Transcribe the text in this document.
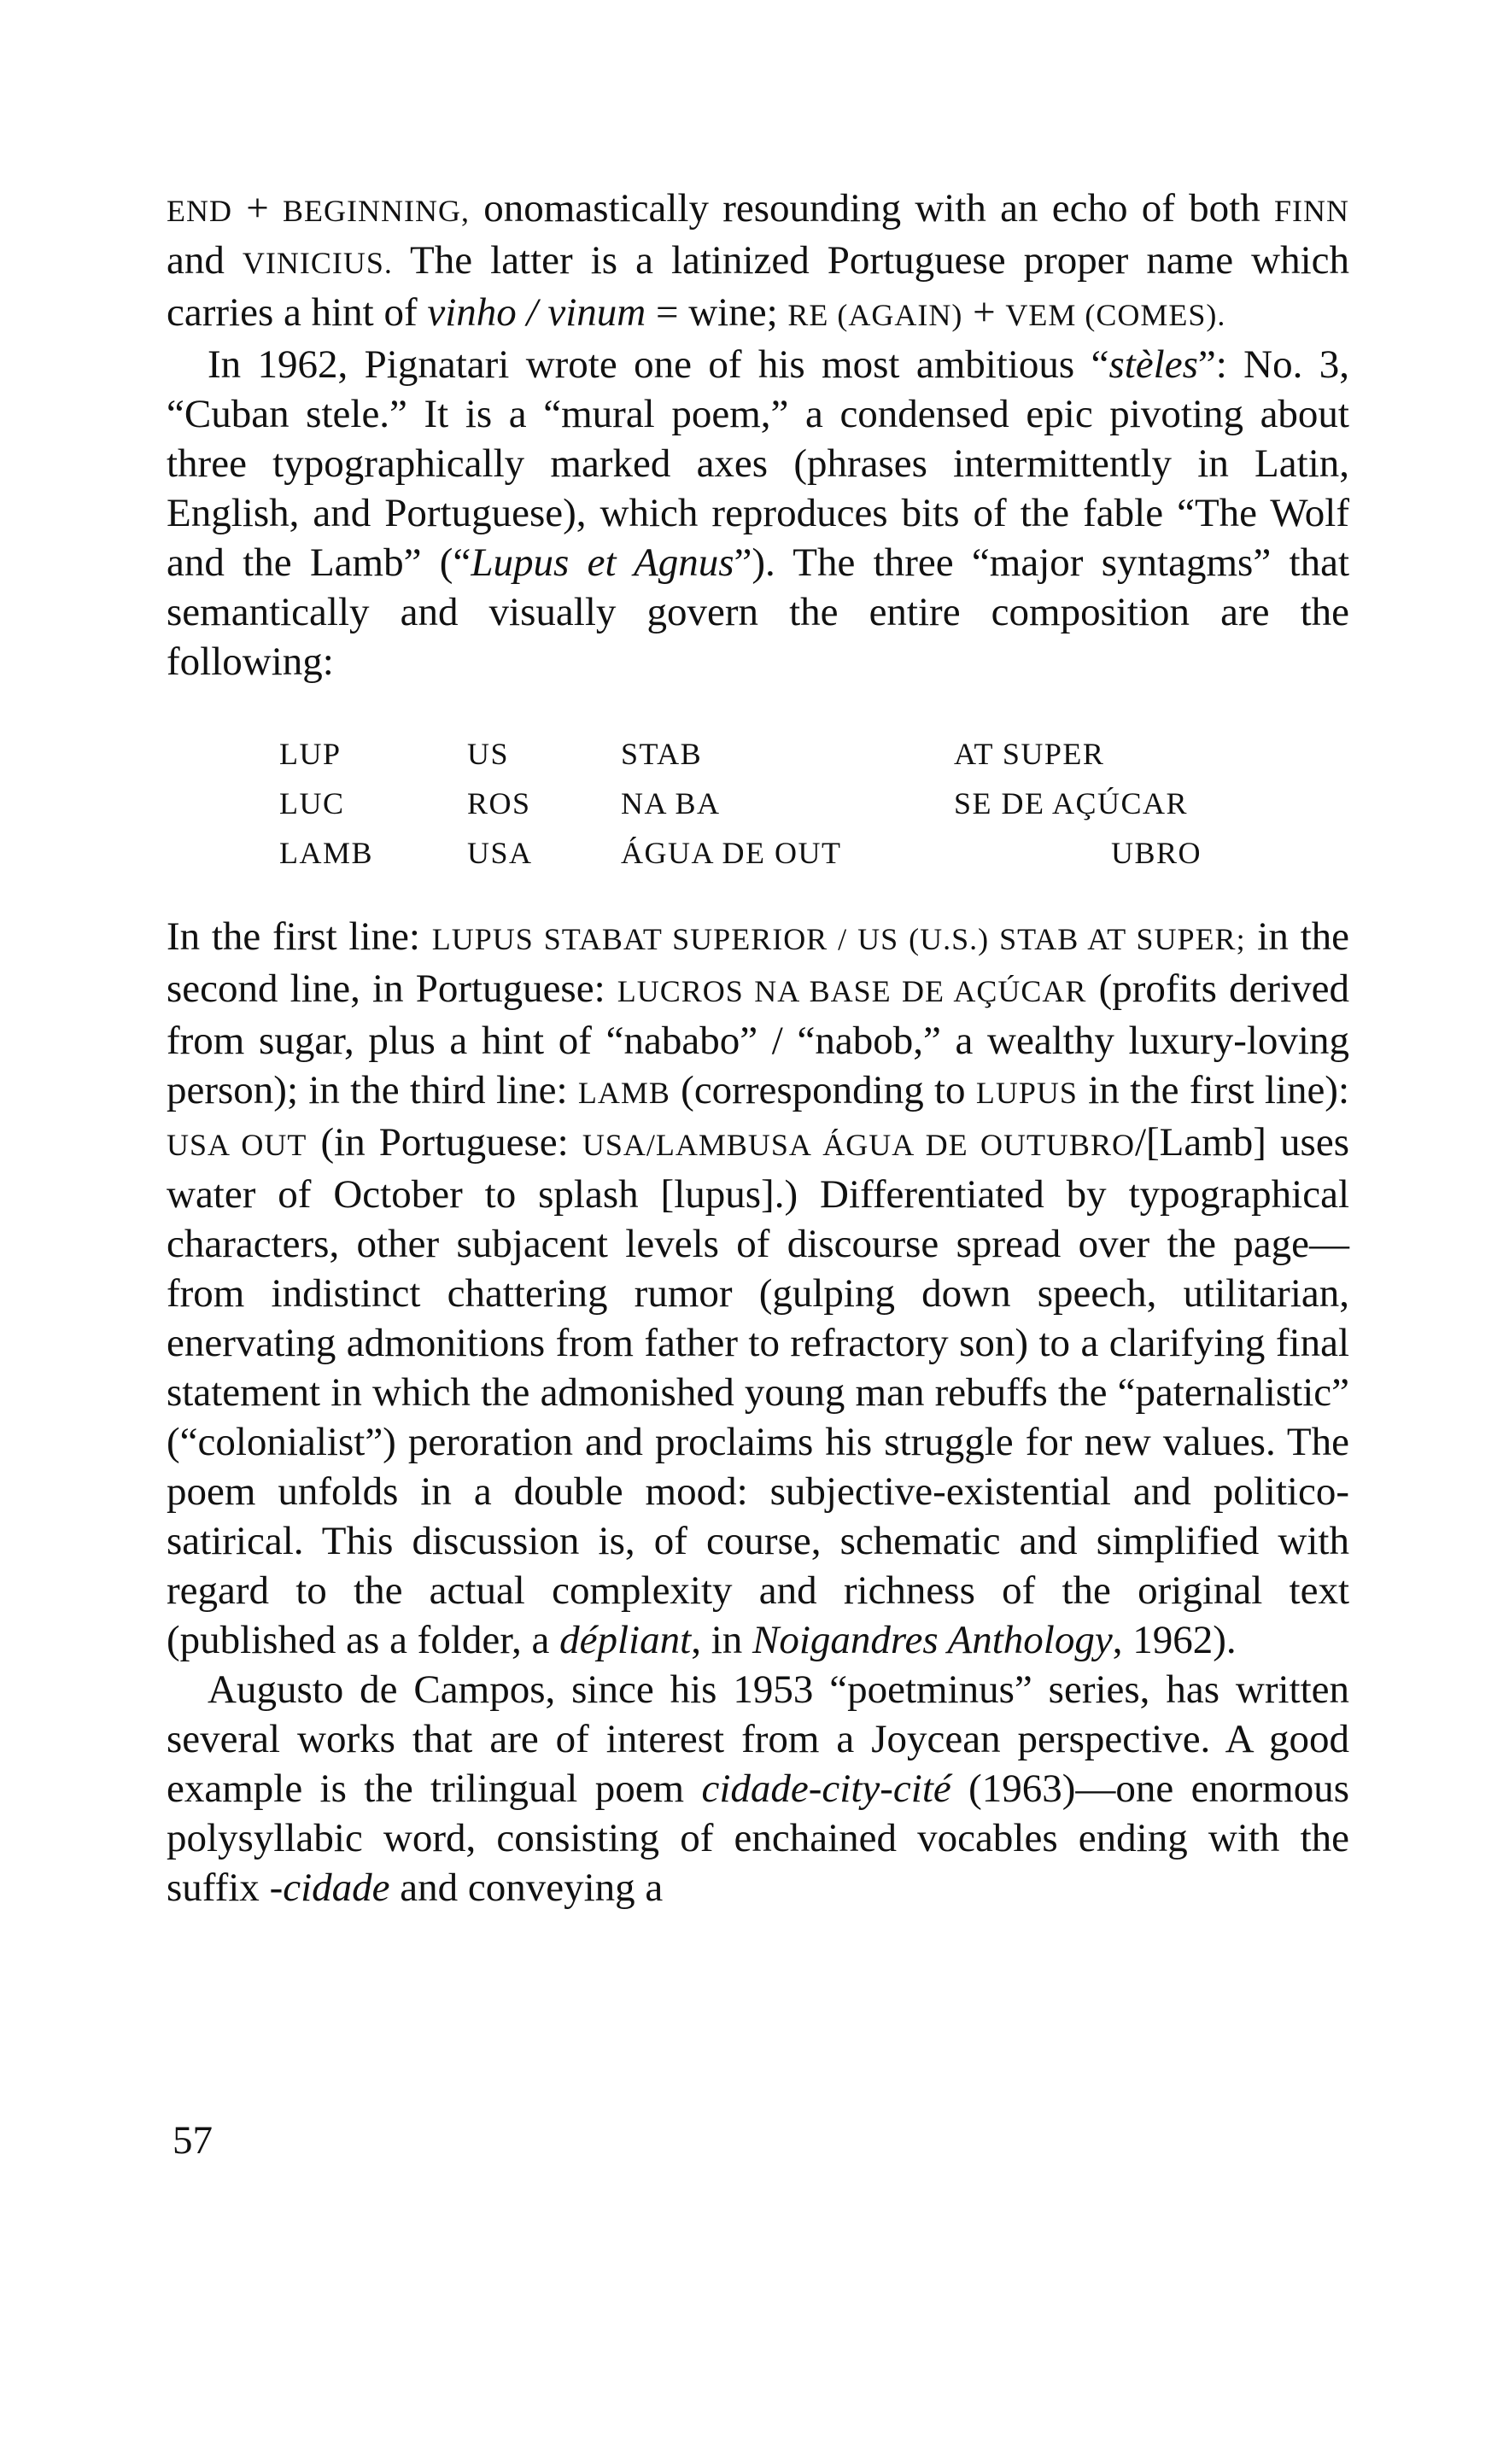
END + BEGINNING, onomastically resounding with an echo of both FINN and VINICIUS. The latter is a latinized Portuguese proper name which carries a hint of vinho / vinum = wine; RE (AGAIN) + VEM (COMES).

In 1962, Pignatari wrote one of his most ambitious “stèles”: No. 3, “Cuban stele.” It is a “mural poem,” a condensed epic pivoting about three typographically marked axes (phrases intermittently in Latin, English, and Portuguese), which reproduces bits of the fable “The Wolf and the Lamb” (“Lupus et Agnus”). The three “major syntagms” that semantically and visually govern the entire composition are the following:

LUP	US	STAB	AT SUPER
LUC	ROS	NA BA	SE DE AÇÚCAR
LAMB	USA	ÁGUA DE OUT	UBRO

In the first line: LUPUS STABAT SUPERIOR / US (U.S.) STAB AT SUPER; in the second line, in Portuguese: LUCROS NA BASE DE AÇÚCAR (profits derived from sugar, plus a hint of “nababo” / “nabob,” a wealthy luxury-loving person); in the third line: LAMB (corresponding to LUPUS in the first line): USA OUT (in Portuguese: USA/LAMBUSA ÁGUA DE OUTUBRO/[Lamb] uses water of October to splash [lupus].) Differentiated by typographical characters, other subjacent levels of discourse spread over the page—from indistinct chattering rumor (gulping down speech, utilitarian, enervating admonitions from father to refractory son) to a clarifying final statement in which the admonished young man rebuffs the “paternalistic” (“colonialist”) peroration and proclaims his struggle for new values. The poem unfolds in a double mood: subjective-existential and politico-satirical. This discussion is, of course, schematic and simplified with regard to the actual complexity and richness of the original text (published as a folder, a dépliant, in Noigandres Anthology, 1962).

Augusto de Campos, since his 1953 “poetminus” series, has written several works that are of interest from a Joycean perspective. A good example is the trilingual poem cidade-city-cité (1963)—one enormous polysyllabic word, consisting of enchained vocables ending with the suffix -cidade and conveying a

57
